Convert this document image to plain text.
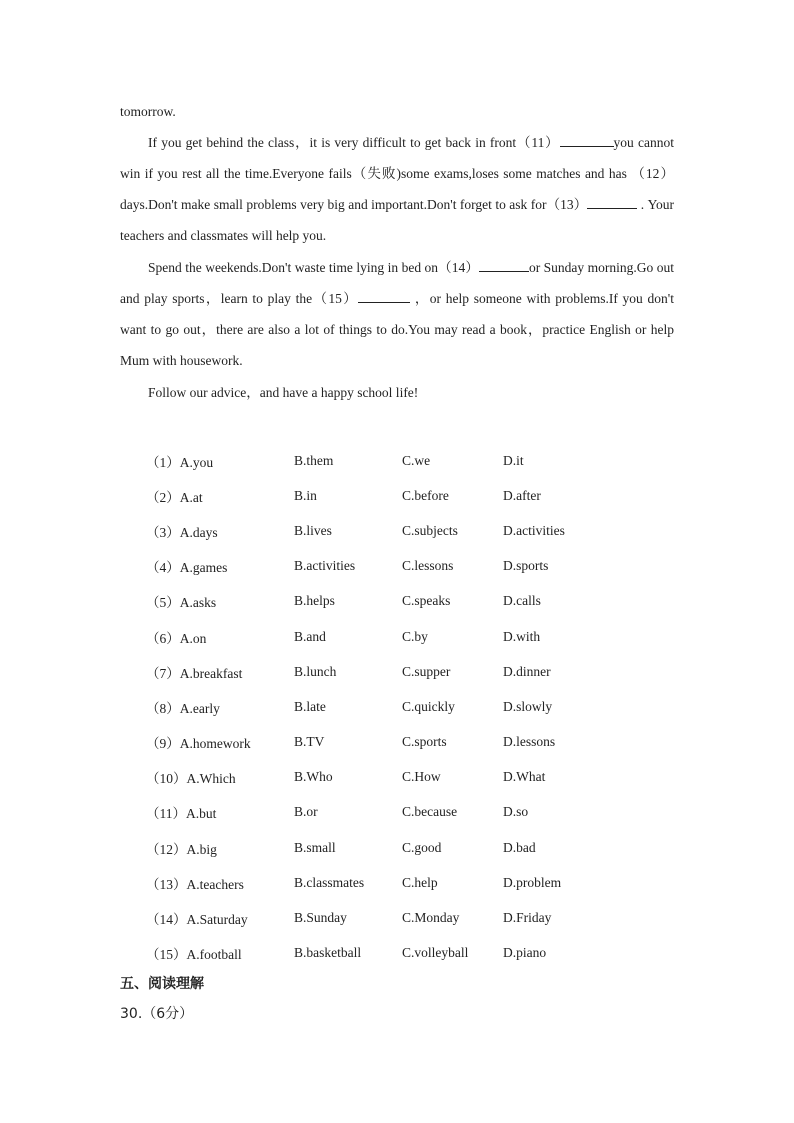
tomorrow.

If you get behind the class，it is very difficult to get back in front（11）	you cannot win if you rest all the time.Everyone fails（失败)some exams,loses some matches and has （12）days.Don't make small problems very big and important.Don't forget to ask for（13）	. Your teachers and classmates will help you.

Spend the weekends.Don't waste time lying in bed on（14）	or Sunday morning.Go out and play sports，learn to play the（15）	，or help someone with problems.If you don't want to go out，there are also a lot of things to do.You may read a book，practice English or help Mum with housework.

Follow our advice，and have a happy school life!

（1）A.you	B.them	C.we	D.it
（2）A.at	B.in	C.before	D.after
（3）A.days	B.lives	C.subjects	D.activities
（4）A.games	B.activities	C.lessons	D.sports
（5）A.asks	B.helps	C.speaks	D.calls
（6）A.on	B.and	C.by	D.with
（7）A.breakfast	B.lunch	C.supper	D.dinner
（8）A.early	B.late	C.quickly	D.slowly
（9）A.homework	B.TV	C.sports	D.lessons
（10）A.Which	B.Who	C.How	D.What
（11）A.but	B.or	C.because	D.so
（12）A.big	B.small	C.good	D.bad
（13）A.teachers	B.classmates	C.help	D.problem
（14）A.Saturday	B.Sunday	C.Monday	D.Friday
（15）A.football	B.basketball	C.volleyball	D.piano
五、阅读理解
30.（6分）
